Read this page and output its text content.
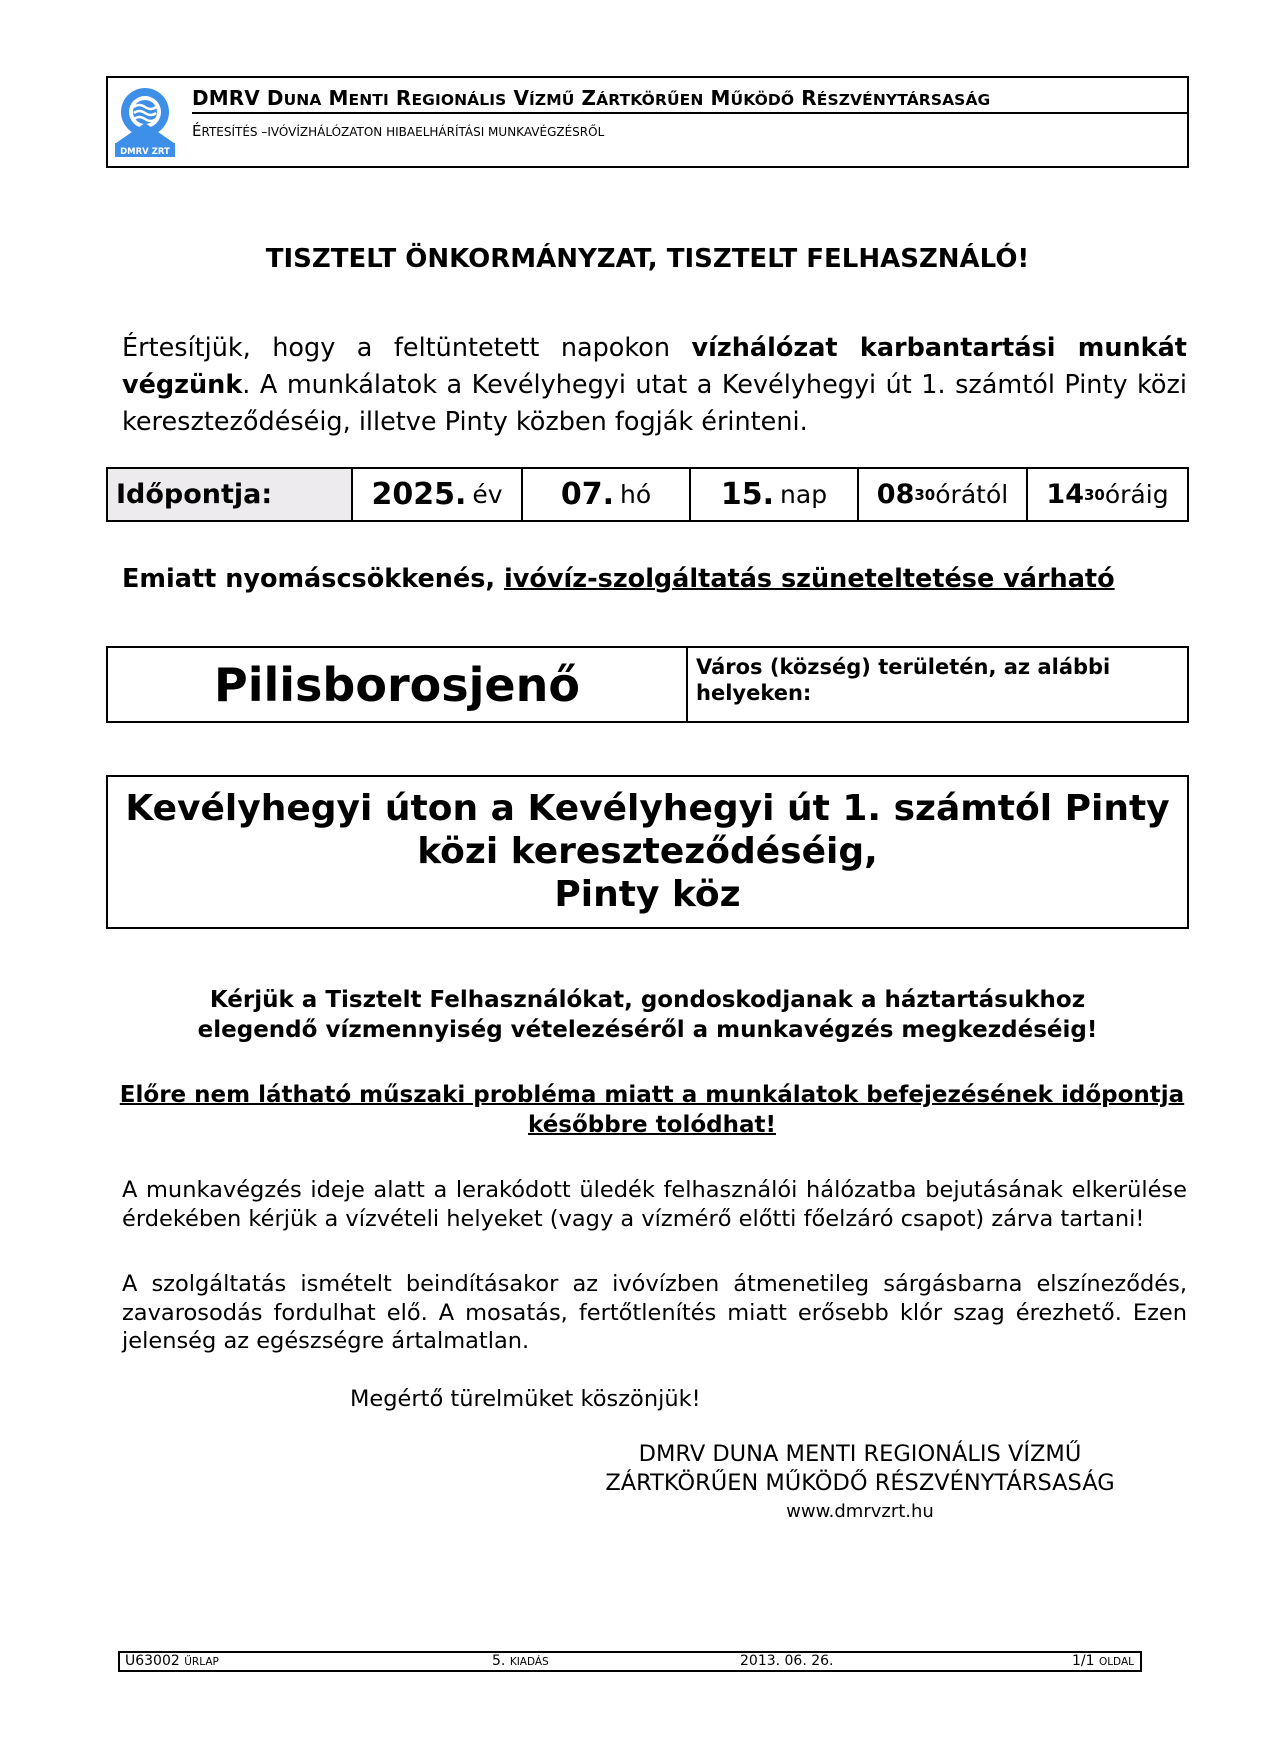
DMRV ZRT
DMRV DUNA MENTI REGIONÁLIS VÍZMŰ ZÁRTKÖRŰEN MŰKÖDŐ RÉSZVÉNYTÁRSASÁG
ÉRTESÍTÉS –IVÓVÍZHÁLÓZATON HIBAELHÁRÍTÁSI MUNKAVÉGZÉSRŐL
TISZTELT ÖNKORMÁNYZAT, TISZTELT FELHASZNÁLÓ!
Értesítjük, hogy a feltüntetett napokon vízhálózat karbantartási munkát végzünk. A munkálatok a Kevélyhegyi utat a Kevélyhegyi út 1. számtól Pinty közi kereszteződéséig, illetve Pinty közben fogják érinteni.
Időpontja:	2025. év 07. hó 15. nap 08 30 órától 14 30 óráig
Emiatt nyomáscsökkenés, ivóvíz-szolgáltatás szüneteltetése várható
Pilisborosjenő	Város (község) területén, az alábbi helyeken:
Kevélyhegyi úton a Kevélyhegyi út 1. számtól Pinty
közi kereszteződéséig,
Pinty köz
Kérjük a Tisztelt Felhasználókat, gondoskodjanak a háztartásukhoz
elegendő vízmennyiség vételezéséről a munkavégzés megkezdéséig!
Előre nem látható műszaki probléma miatt a munkálatok befejezésének időpontja
későbbre tolódhat!
A munkavégzés ideje alatt a lerakódott üledék felhasználói hálózatba bejutásának elkerülése érdekében kérjük a vízvételi helyeket (vagy a vízmérő előtti főelzáró csapot) zárva tartani!
A szolgáltatás ismételt beindításakor az ivóvízben átmenetileg sárgásbarna elszíneződés, zavarosodás fordulhat elő. A mosatás, fertőtlenítés miatt erősebb klór szag érezhető. Ezen jelenség az egészségre ártalmatlan.
Megértő türelmüket köszönjük!
DMRV DUNA MENTI REGIONÁLIS VÍZMŰ
ZÁRTKÖRŰEN MŰKÖDŐ RÉSZVÉNYTÁRSASÁG
www.dmrvzrt.hu
Ü63002 ŰRLAP	5. KIADÁS	2013. 06. 26.	1/1 OLDAL
